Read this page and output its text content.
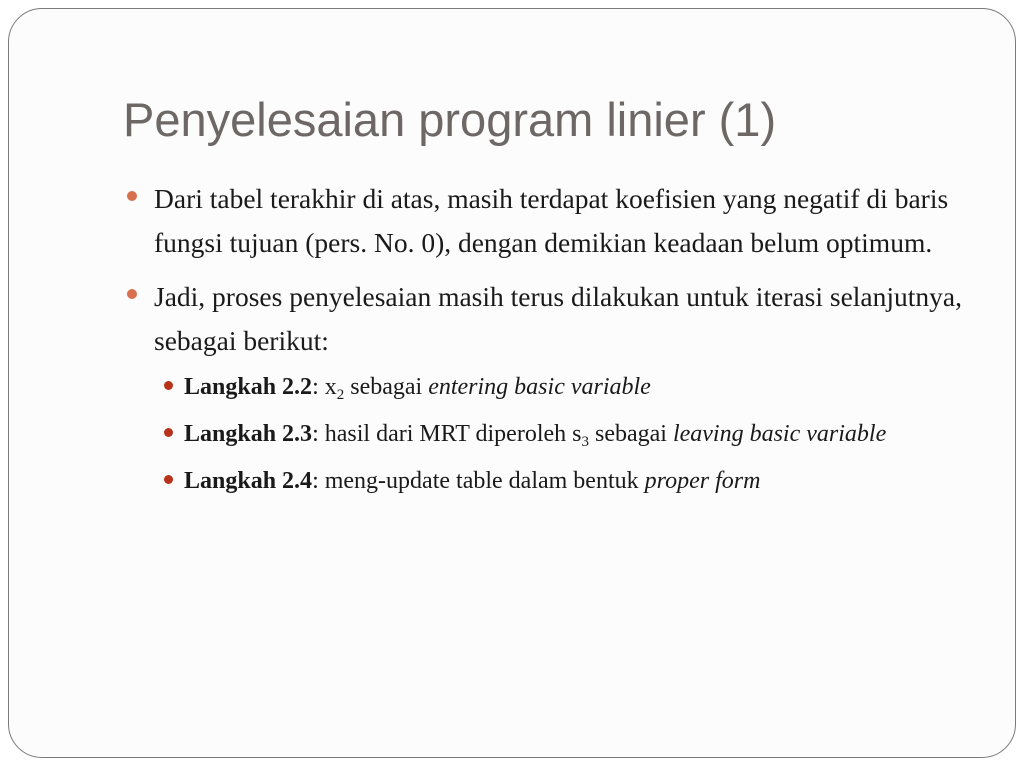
Penyelesaian program linier (1)
Dari tabel terakhir di atas, masih terdapat koefisien yang negatif di baris fungsi tujuan (pers. No. 0), dengan demikian keadaan belum optimum.
Jadi, proses penyelesaian masih terus dilakukan untuk iterasi selanjutnya, sebagai berikut:
Langkah 2.2: $x_2$ sebagai entering basic variable
Langkah 2.3: hasil dari MRT diperoleh $s_3$ sebagai leaving basic variable
Langkah 2.4: meng-update table dalam bentuk proper form
